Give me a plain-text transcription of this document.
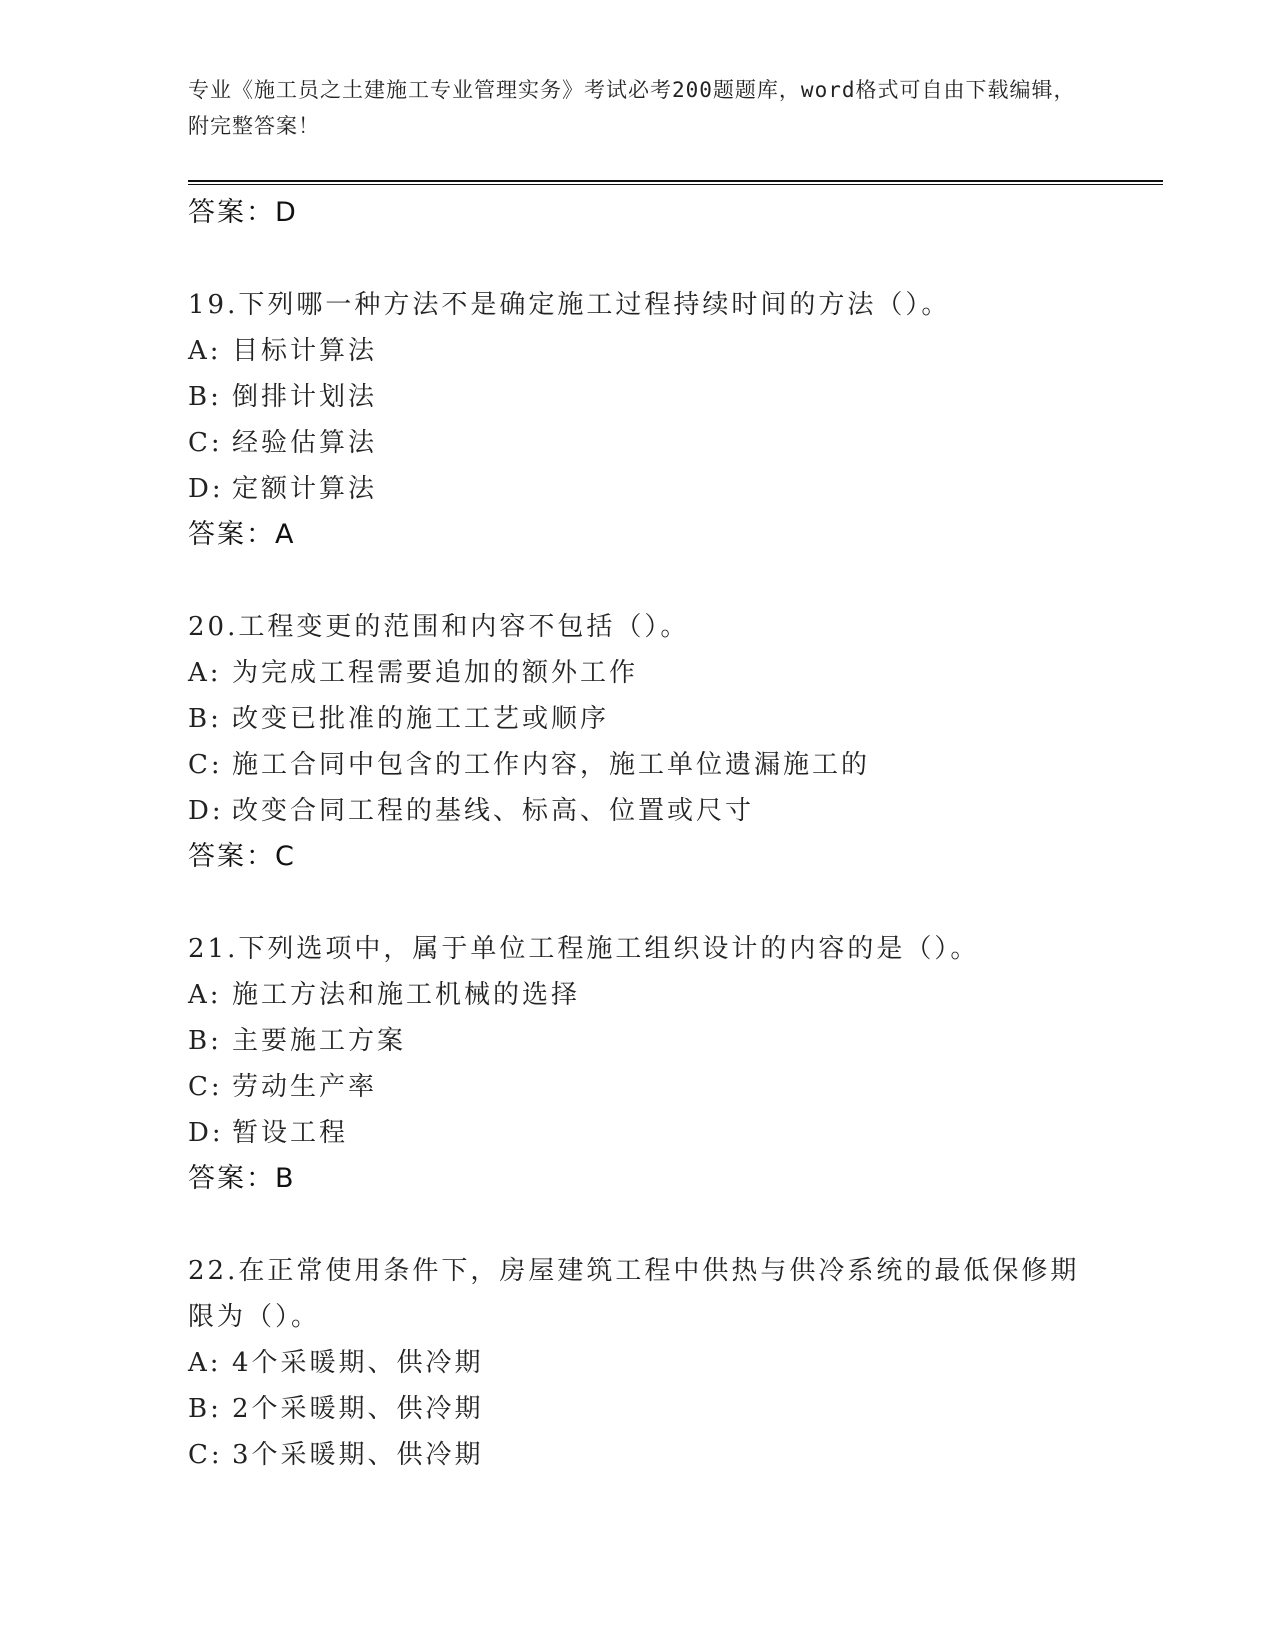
专业《施工员之土建施工专业管理实务》考试必考200题题库，word格式可自由下载编辑，附完整答案！
答案：D
19.下列哪一种方法不是确定施工过程持续时间的方法（）。
A: 目标计算法
B: 倒排计划法
C: 经验估算法
D: 定额计算法
答案：A
20.工程变更的范围和内容不包括（）。
A: 为完成工程需要追加的额外工作
B: 改变已批准的施工工艺或顺序
C: 施工合同中包含的工作内容，施工单位遗漏施工的
D: 改变合同工程的基线、标高、位置或尺寸
答案：C
21.下列选项中，属于单位工程施工组织设计的内容的是（）。
A: 施工方法和施工机械的选择
B: 主要施工方案
C: 劳动生产率
D: 暂设工程
答案：B
22.在正常使用条件下，房屋建筑工程中供热与供冷系统的最低保修期限为（）。
A: 4个采暖期、供冷期
B: 2个采暖期、供冷期
C: 3个采暖期、供冷期
